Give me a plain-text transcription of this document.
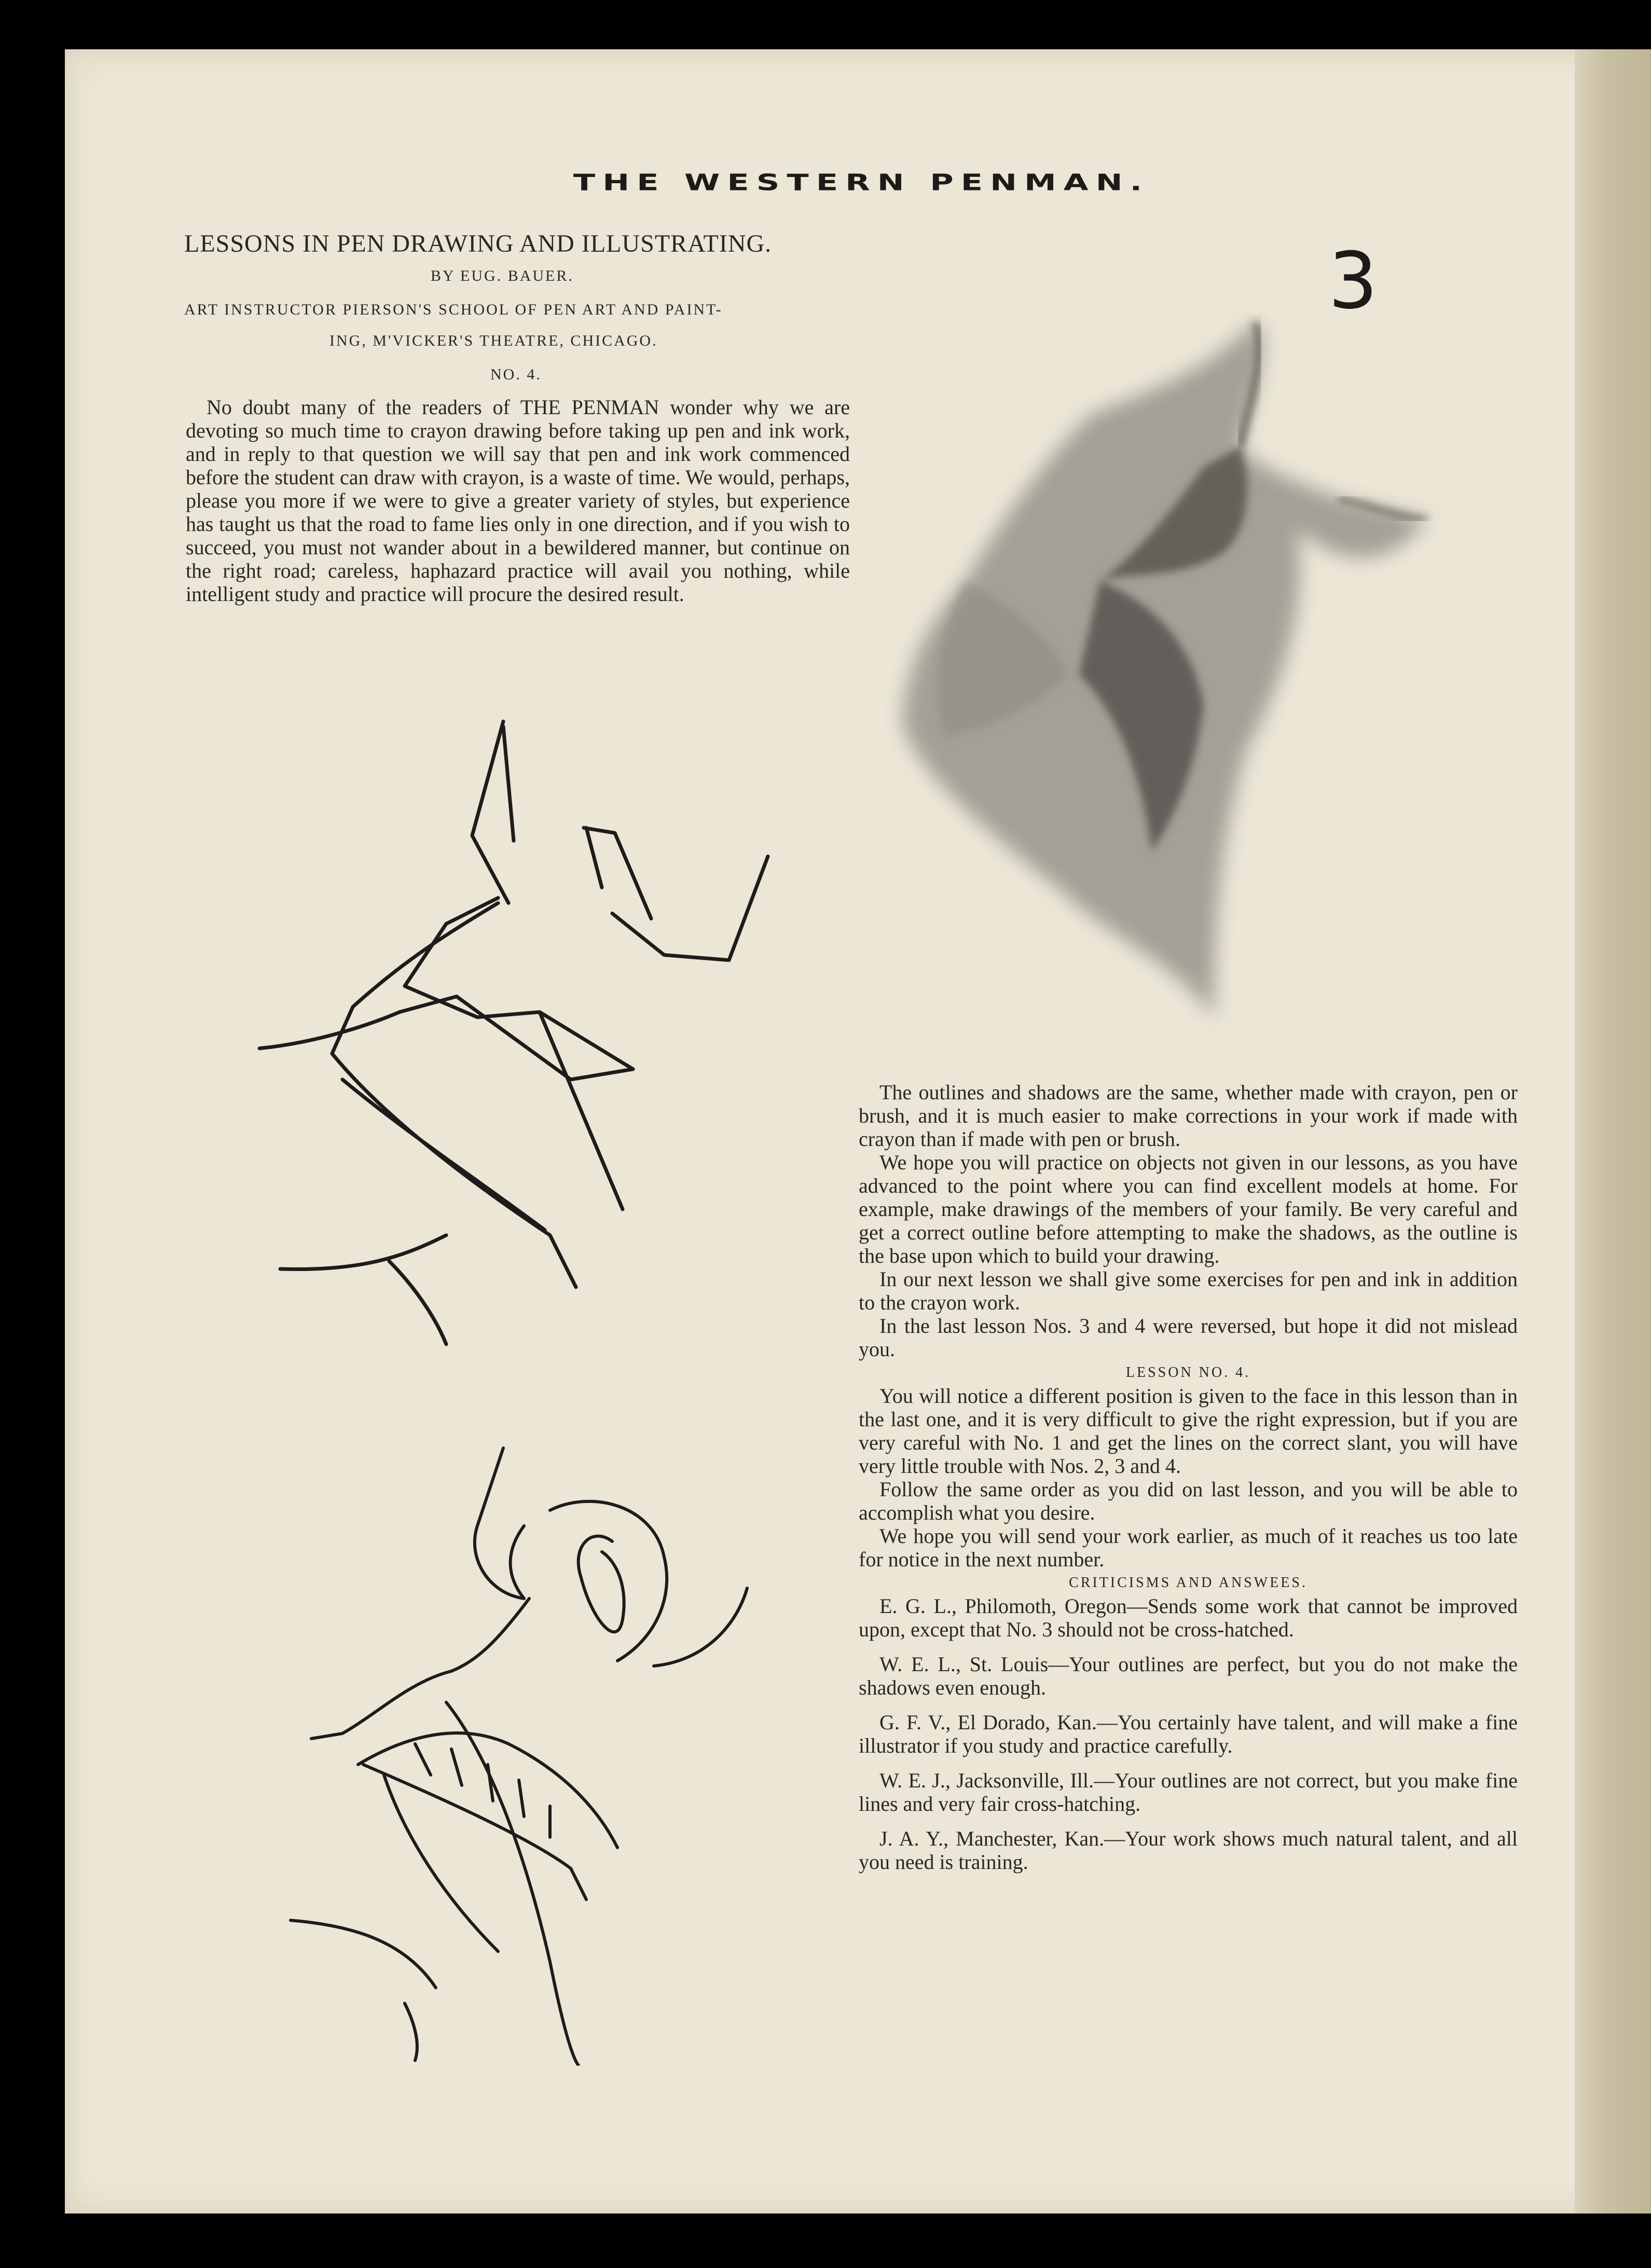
THE WESTERN PENMAN.
LESSONS IN PEN DRAWING AND ILLUSTRATING.
BY EUG. BAUER.
ART INSTRUCTOR PIERSON'S SCHOOL OF PEN ART AND PAINT-
ING, M'VICKER'S THEATRE, CHICAGO.
NO. 4.

No doubt many of the readers of THE PENMAN wonder why we are devoting so much time to crayon drawing before taking up pen and ink work, and in reply to that question we will say that pen and ink work commenced before the student can draw with crayon, is a waste of time. We would, perhaps, please you more if we were to give a greater variety of styles, but experience has taught us that the road to fame lies only in one direction, and if you wish to succeed, you must not wander about in a bewildered manner, but continue on the right road; careless, haphazard practice will avail you nothing, while intelligent study and practice will procure the desired result.

3

The outlines and shadows are the same, whether made with crayon, pen or brush, and it is much easier to make corrections in your work if made with crayon than if made with pen or brush.

We hope you will practice on objects not given in our lessons, as you have advanced to the point where you can find excellent models at home. For example, make drawings of the members of your family. Be very careful and get a correct outline before attempting to make the shadows, as the outline is the base upon which to build your drawing.

In our next lesson we shall give some exercises for pen and ink in addition to the crayon work.

In the last lesson Nos. 3 and 4 were reversed, but hope it did not mislead you.

LESSON NO. 4.

You will notice a different position is given to the face in this lesson than in the last one, and it is very difficult to give the right expression, but if you are very careful with No. 1 and get the lines on the correct slant, you will have very little trouble with Nos. 2, 3 and 4.

Follow the same order as you did on last lesson, and you will be able to accomplish what you desire.

We hope you will send your work earlier, as much of it reaches us too late for notice in the next number.

CRITICISMS AND ANSWEES.

E. G. L., Philomoth, Oregon—Sends some work that cannot be improved upon, except that No. 3 should not be cross-hatched.

W. E. L., St. Louis—Your outlines are perfect, but you do not make the shadows even enough.

G. F. V., El Dorado, Kan.—You certainly have talent, and will make a fine illustrator if you study and practice carefully.

W. E. J., Jacksonville, Ill.—Your outlines are not correct, but you make fine lines and very fair cross-hatching.

J. A. Y., Manchester, Kan.—Your work shows much natural talent, and all you need is training.
